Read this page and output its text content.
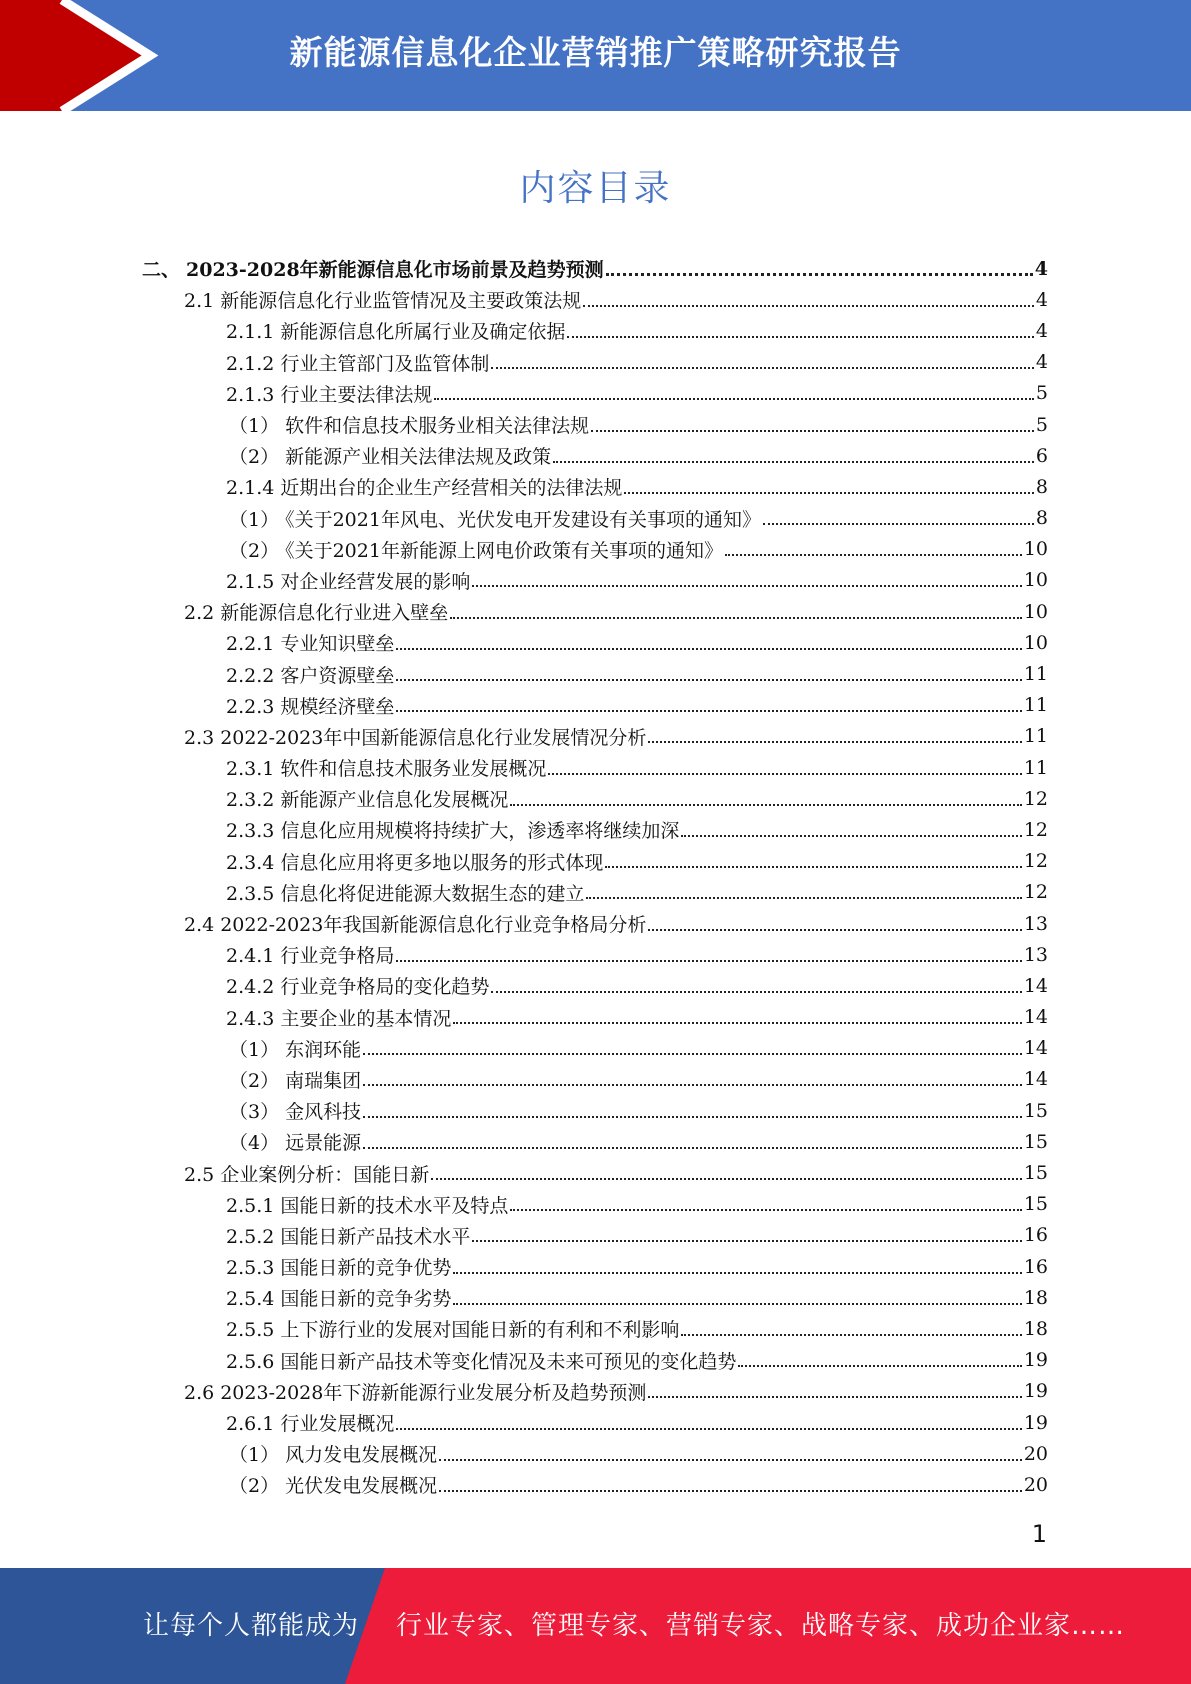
新能源信息化企业营销推广策略研究报告
内容目录
二、 2023-2028年新能源信息化市场前景及趋势预测	4
2.1 新能源信息化行业监管情况及主要政策法规	4
2.1.1 新能源信息化所属行业及确定依据	4
2.1.2 行业主管部门及监管体制	4
2.1.3 行业主要法律法规	5
（1） 软件和信息技术服务业相关法律法规	5
（2） 新能源产业相关法律法规及政策	6
2.1.4 近期出台的企业生产经营相关的法律法规	8
（1） 《关于2021年风电、光伏发电开发建设有关事项的通知》	8
（2） 《关于2021年新能源上网电价政策有关事项的通知》	10
2.1.5 对企业经营发展的影响	10
2.2 新能源信息化行业进入壁垒	10
2.2.1 专业知识壁垒	10
2.2.2 客户资源壁垒	11
2.2.3 规模经济壁垒	11
2.3 2022-2023年中国新能源信息化行业发展情况分析	11
2.3.1 软件和信息技术服务业发展概况	11
2.3.2 新能源产业信息化发展概况	12
2.3.3 信息化应用规模将持续扩大，渗透率将继续加深	12
2.3.4 信息化应用将更多地以服务的形式体现	12
2.3.5 信息化将促进能源大数据生态的建立	12
2.4 2022-2023年我国新能源信息化行业竞争格局分析	13
2.4.1 行业竞争格局	13
2.4.2 行业竞争格局的变化趋势	14
2.4.3 主要企业的基本情况	14
（1） 东润环能	14
（2） 南瑞集团	14
（3） 金风科技	15
（4） 远景能源	15
2.5 企业案例分析：国能日新	15
2.5.1 国能日新的技术水平及特点	15
2.5.2 国能日新产品技术水平	16
2.5.3 国能日新的竞争优势	16
2.5.4 国能日新的竞争劣势	18
2.5.5 上下游行业的发展对国能日新的有利和不利影响	18
2.5.6 国能日新产品技术等变化情况及未来可预见的变化趋势	19
2.6 2023-2028年下游新能源行业发展分析及趋势预测	19
2.6.1 行业发展概况	19
（1） 风力发电发展概况	20
（2） 光伏发电发展概况	20
1
让每个人都能成为 行业专家、管理专家、营销专家、战略专家、成功企业家……
